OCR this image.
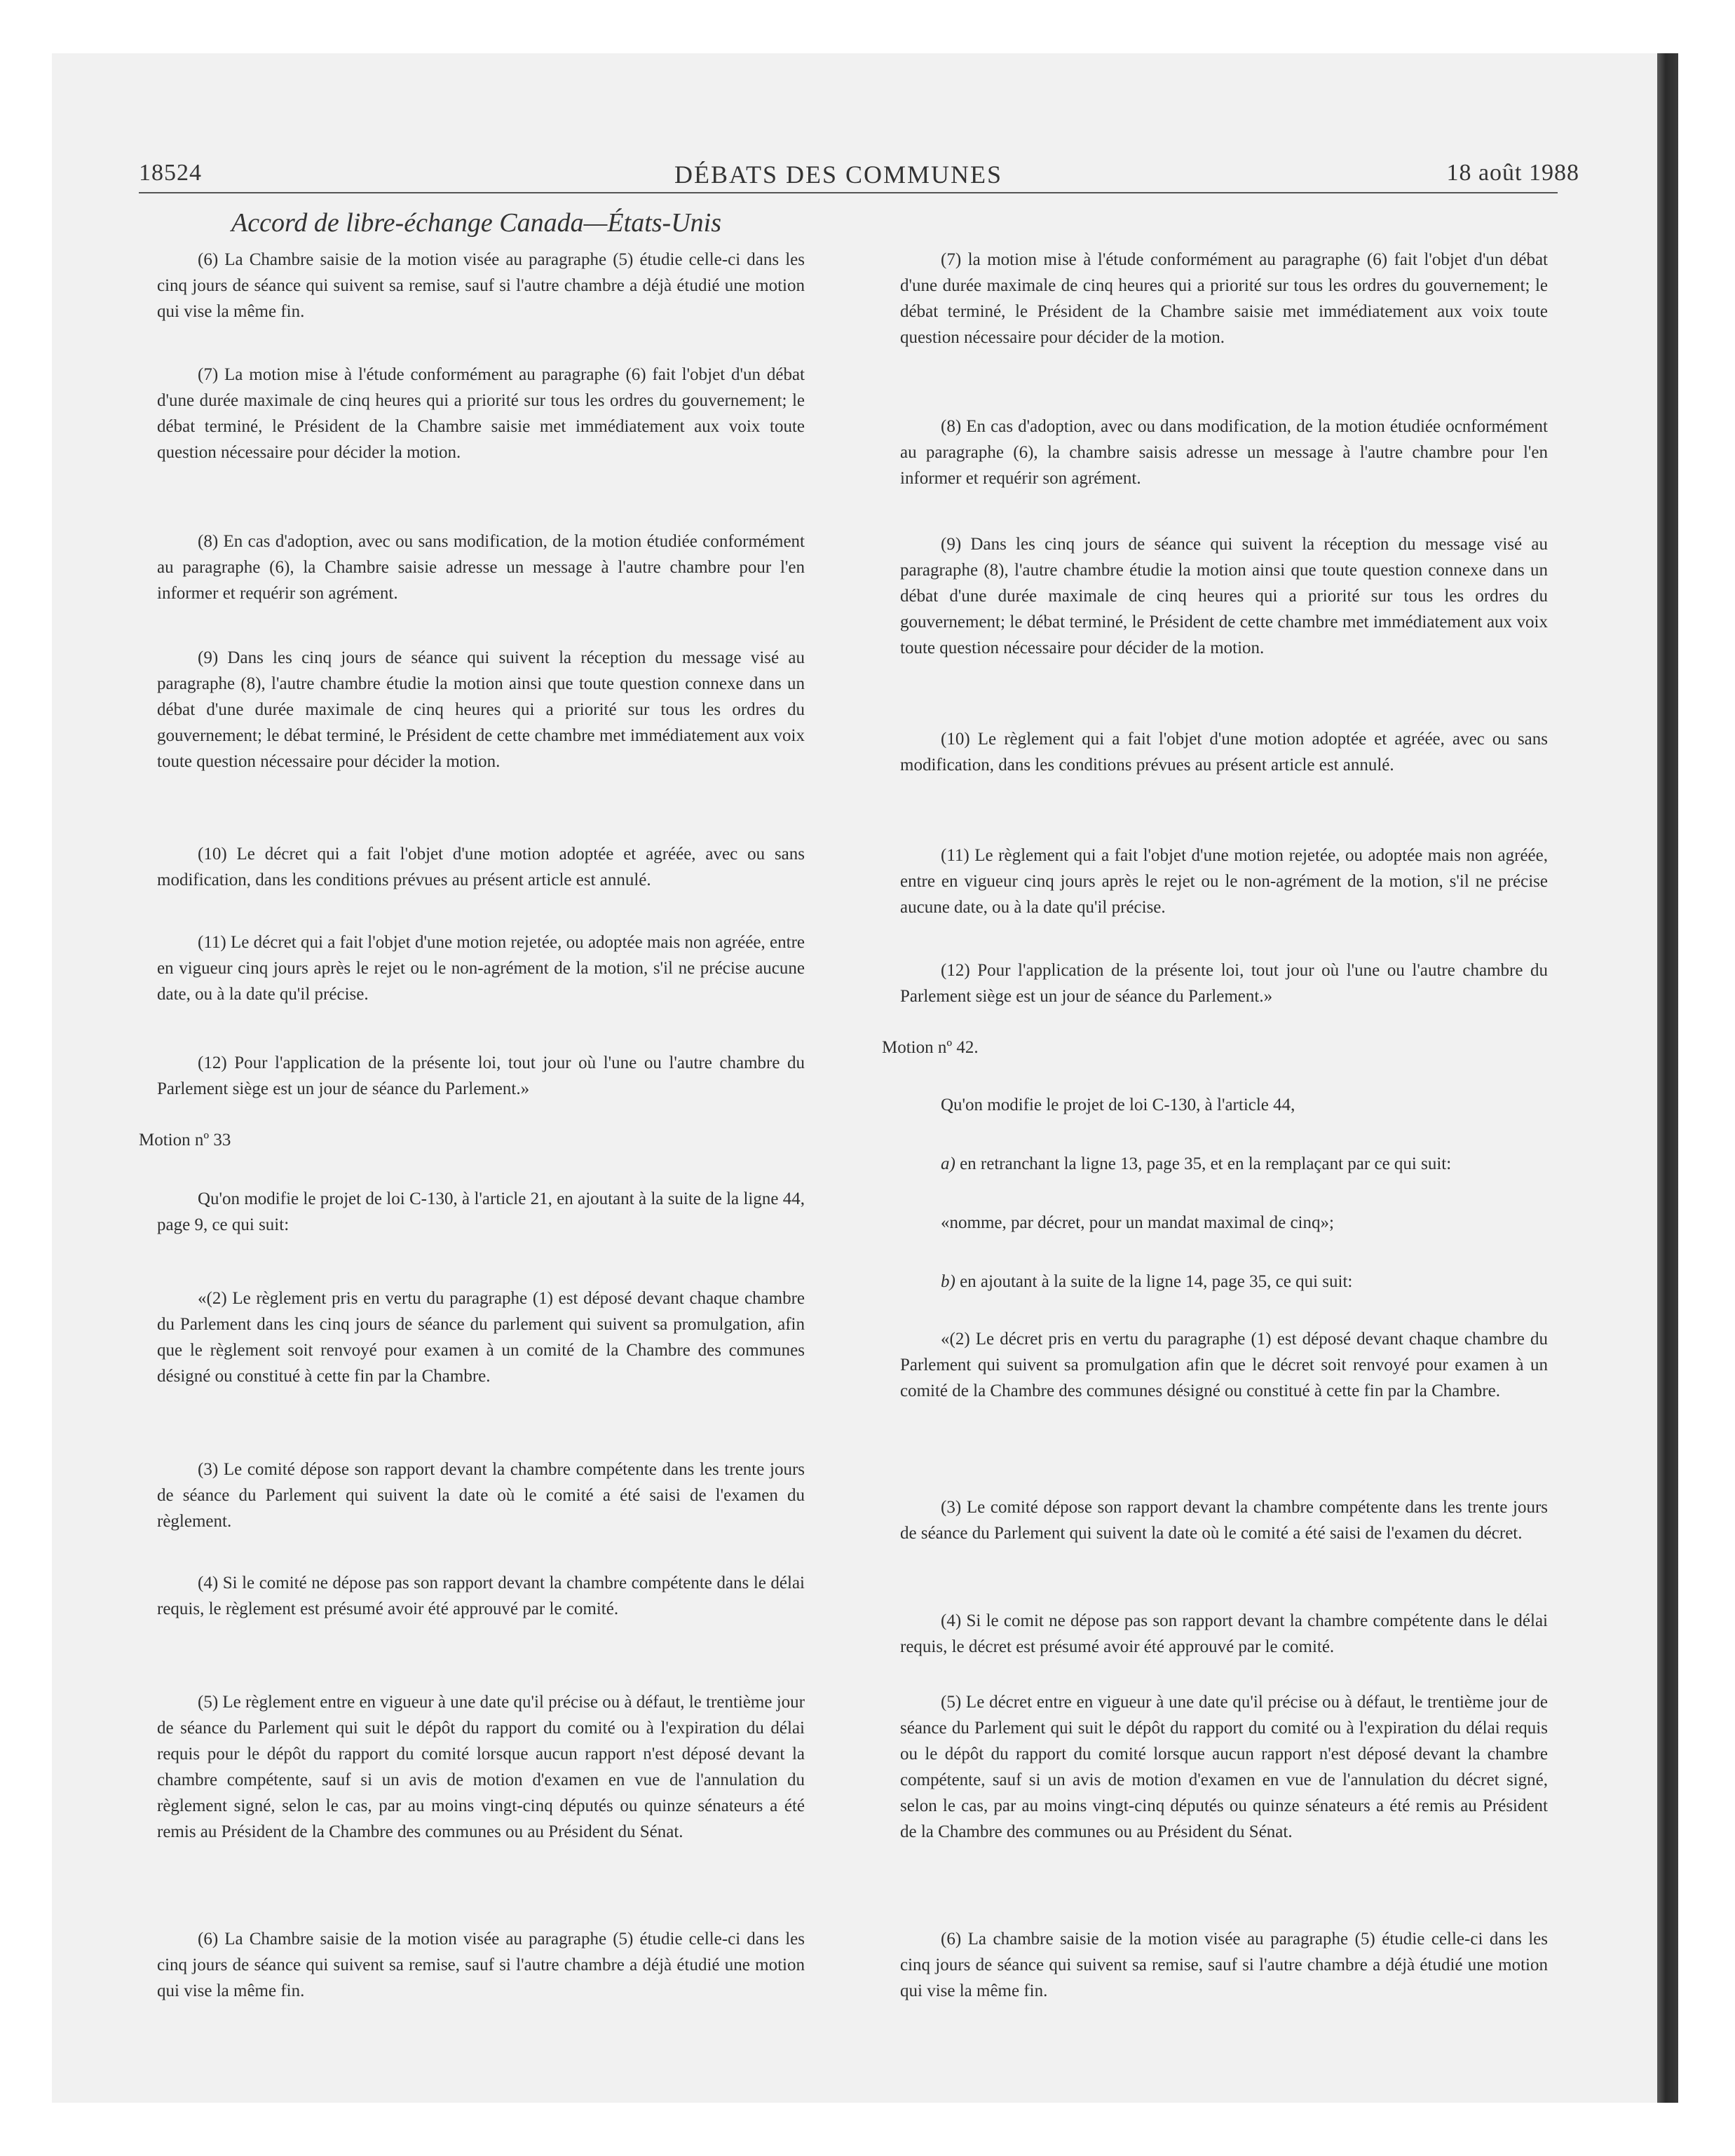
18524	DÉBATS DES COMMUNES	18 août 1988
Accord de libre-échange Canada—États-Unis

(6) La Chambre saisie de la motion visée au paragraphe (5) étudie celle-ci dans les cinq jours de séance qui suivent sa remise, sauf si l'autre chambre a déjà étudié une motion qui vise la même fin.

(7) La motion mise à l'étude conformément au paragraphe (6) fait l'objet d'un débat d'une durée maximale de cinq heures qui a priorité sur tous les ordres du gouvernement; le débat terminé, le Président de la Chambre saisie met immédiatement aux voix toute question nécessaire pour décider la motion.

(8) En cas d'adoption, avec ou sans modification, de la motion étudiée conformément au paragraphe (6), la Chambre saisie adresse un message à l'autre chambre pour l'en informer et requérir son agrément.

(9) Dans les cinq jours de séance qui suivent la réception du message visé au paragraphe (8), l'autre chambre étudie la motion ainsi que toute question connexe dans un débat d'une durée maximale de cinq heures qui a priorité sur tous les ordres du gouvernement; le débat terminé, le Président de cette chambre met immédiatement aux voix toute question nécessaire pour décider la motion.

(10) Le décret qui a fait l'objet d'une motion adoptée et agréée, avec ou sans modification, dans les conditions prévues au présent article est annulé.

(11) Le décret qui a fait l'objet d'une motion rejetée, ou adoptée mais non agréée, entre en vigueur cinq jours après le rejet ou le non-agrément de la motion, s'il ne précise aucune date, ou à la date qu'il précise.

(12) Pour l'application de la présente loi, tout jour où l'une ou l'autre chambre du Parlement siège est un jour de séance du Parlement.»

Motion nº 33

Qu'on modifie le projet de loi C-130, à l'article 21, en ajoutant à la suite de la ligne 44, page 9, ce qui suit:

«(2) Le règlement pris en vertu du paragraphe (1) est déposé devant chaque chambre du Parlement dans les cinq jours de séance du parlement qui suivent sa promulgation, afin que le règlement soit renvoyé pour examen à un comité de la Chambre des communes désigné ou constitué à cette fin par la Chambre.

(3) Le comité dépose son rapport devant la chambre compétente dans les trente jours de séance du Parlement qui suivent la date où le comité a été saisi de l'examen du règlement.

(4) Si le comité ne dépose pas son rapport devant la chambre compétente dans le délai requis, le règlement est présumé avoir été approuvé par le comité.

(5) Le règlement entre en vigueur à une date qu'il précise ou à défaut, le trentième jour de séance du Parlement qui suit le dépôt du rapport du comité ou à l'expiration du délai requis pour le dépôt du rapport du comité lorsque aucun rapport n'est déposé devant la chambre compétente, sauf si un avis de motion d'examen en vue de l'annulation du règlement signé, selon le cas, par au moins vingt-cinq députés ou quinze sénateurs a été remis au Président de la Chambre des communes ou au Président du Sénat.

(6) La Chambre saisie de la motion visée au paragraphe (5) étudie celle-ci dans les cinq jours de séance qui suivent sa remise, sauf si l'autre chambre a déjà étudié une motion qui vise la même fin.

(7) la motion mise à l'étude conformément au paragraphe (6) fait l'objet d'un débat d'une durée maximale de cinq heures qui a priorité sur tous les ordres du gouvernement; le débat terminé, le Président de la Chambre saisie met immédiatement aux voix toute question nécessaire pour décider de la motion.

(8) En cas d'adoption, avec ou dans modification, de la motion étudiée ocnformément au paragraphe (6), la chambre saisis adresse un message à l'autre chambre pour l'en informer et requérir son agrément.

(9) Dans les cinq jours de séance qui suivent la réception du message visé au paragraphe (8), l'autre chambre étudie la motion ainsi que toute question connexe dans un débat d'une durée maximale de cinq heures qui a priorité sur tous les ordres du gouvernement; le débat terminé, le Président de cette chambre met immédiatement aux voix toute question nécessaire pour décider de la motion.

(10) Le règlement qui a fait l'objet d'une motion adoptée et agréée, avec ou sans modification, dans les conditions prévues au présent article est annulé.

(11) Le règlement qui a fait l'objet d'une motion rejetée, ou adoptée mais non agréée, entre en vigueur cinq jours après le rejet ou le non-agrément de la motion, s'il ne précise aucune date, ou à la date qu'il précise.

(12) Pour l'application de la présente loi, tout jour où l'une ou l'autre chambre du Parlement siège est un jour de séance du Parlement.»

Motion nº 42.

Qu'on modifie le projet de loi C-130, à l'article 44,

a) en retranchant la ligne 13, page 35, et en la remplaçant par ce qui suit:

«nomme, par décret, pour un mandat maximal de cinq»;

b) en ajoutant à la suite de la ligne 14, page 35, ce qui suit:

«(2) Le décret pris en vertu du paragraphe (1) est déposé devant chaque chambre du Parlement qui suivent sa promulgation afin que le décret soit renvoyé pour examen à un comité de la Chambre des communes désigné ou constitué à cette fin par la Chambre.

(3) Le comité dépose son rapport devant la chambre compétente dans les trente jours de séance du Parlement qui suivent la date où le comité a été saisi de l'examen du décret.

(4) Si le comit ne dépose pas son rapport devant la chambre compétente dans le délai requis, le décret est présumé avoir été approuvé par le comité.

(5) Le décret entre en vigueur à une date qu'il précise ou à défaut, le trentième jour de séance du Parlement qui suit le dépôt du rapport du comité ou à l'expiration du délai requis ou le dépôt du rapport du comité lorsque aucun rapport n'est déposé devant la chambre compétente, sauf si un avis de motion d'examen en vue de l'annulation du décret signé, selon le cas, par au moins vingt-cinq députés ou quinze sénateurs a été remis au Président de la Chambre des communes ou au Président du Sénat.

(6) La chambre saisie de la motion visée au paragraphe (5) étudie celle-ci dans les cinq jours de séance qui suivent sa remise, sauf si l'autre chambre a déjà étudié une motion qui vise la même fin.
